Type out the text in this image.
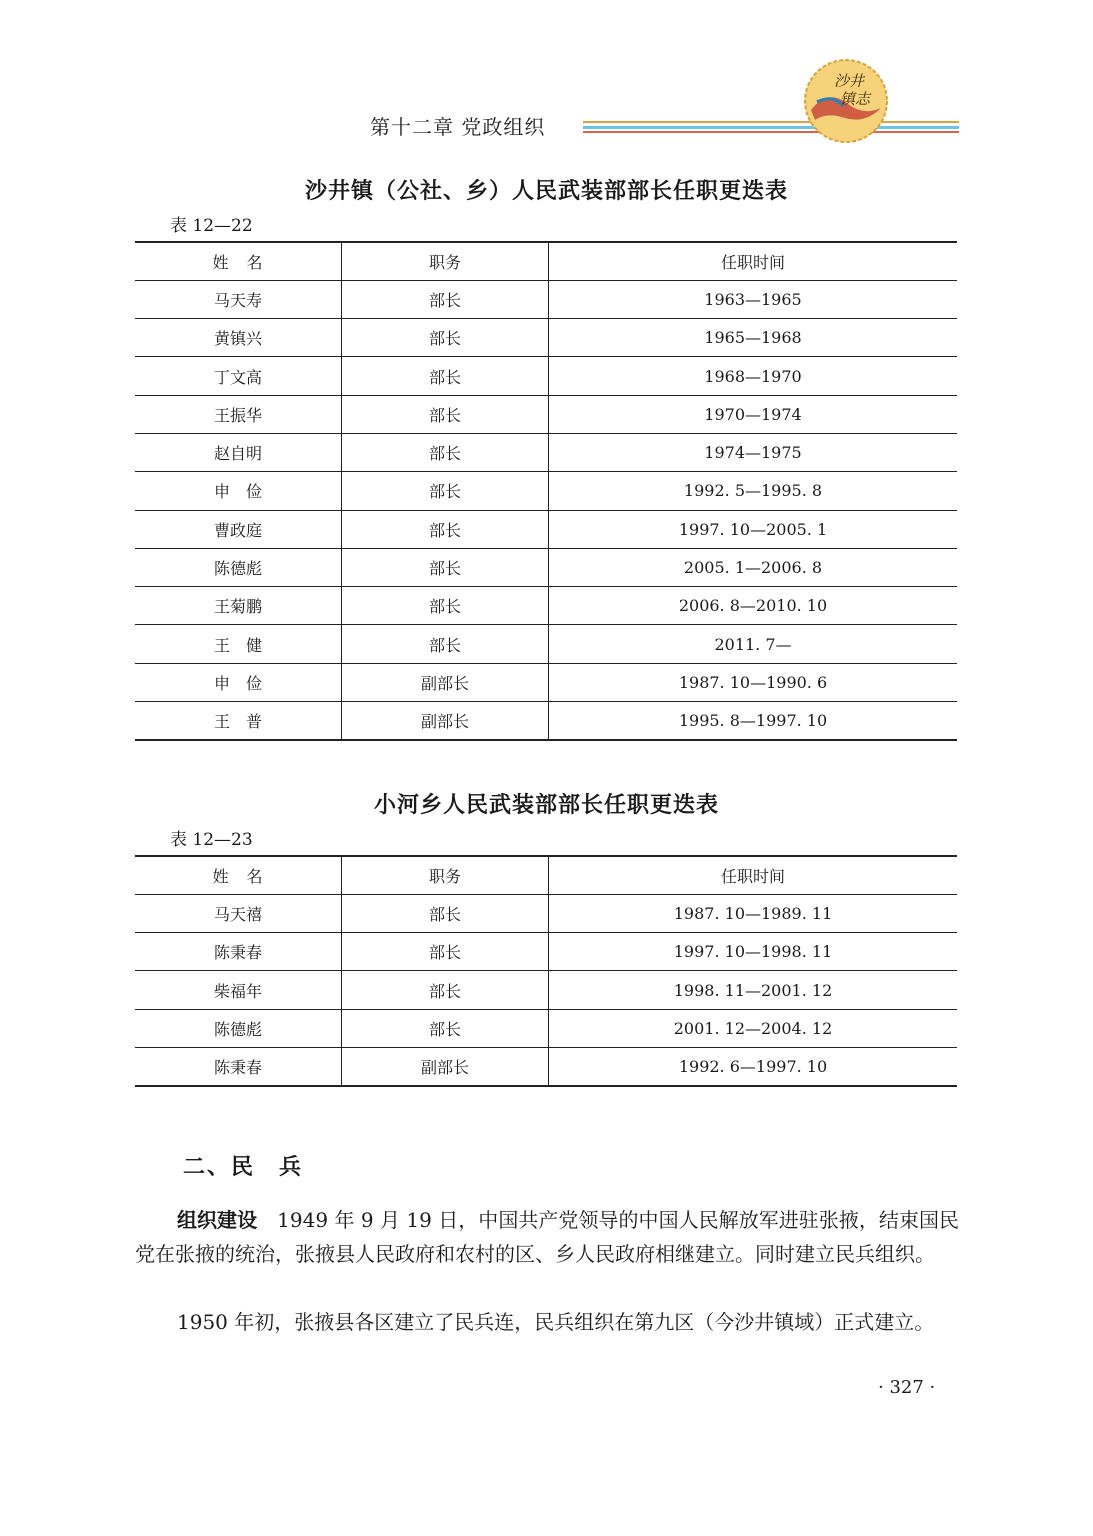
第十二章 党政组织
沙井
镇志
沙井镇（公社、乡）人民武装部部长任职更迭表
表 12—22
姓　名	职务	任职时间
马天寿	部长	1963—1965
黄镇兴	部长	1965—1968
丁文高	部长	1968—1970
王振华	部长	1970—1974
赵自明	部长	1974—1975
申　俭	部长	1992. 5—1995. 8
曹政庭	部长	1997. 10—2005. 1
陈德彪	部长	2005. 1—2006. 8
王菊鹏	部长	2006. 8—2010. 10
王　健	部长	2011. 7—
申　俭	副部长	1987. 10—1990. 6
王　普	副部长	1995. 8—1997. 10
小河乡人民武装部部长任职更迭表
表 12—23
姓　名	职务	任职时间
马天禧	部长	1987. 10—1989. 11
陈秉春	部长	1997. 10—1998. 11
柴福年	部长	1998. 11—2001. 12
陈德彪	部长	2001. 12—2004. 12
陈秉春	副部长	1992. 6—1997. 10
二、民　兵
组织建设　1949 年 9 月 19 日，中国共产党领导的中国人民解放军进驻张掖，结束国民党在张掖的统治，张掖县人民政府和农村的区、乡人民政府相继建立。同时建立民兵组织。
1950 年初，张掖县各区建立了民兵连，民兵组织在第九区（今沙井镇域）正式建立。
· 327 ·
